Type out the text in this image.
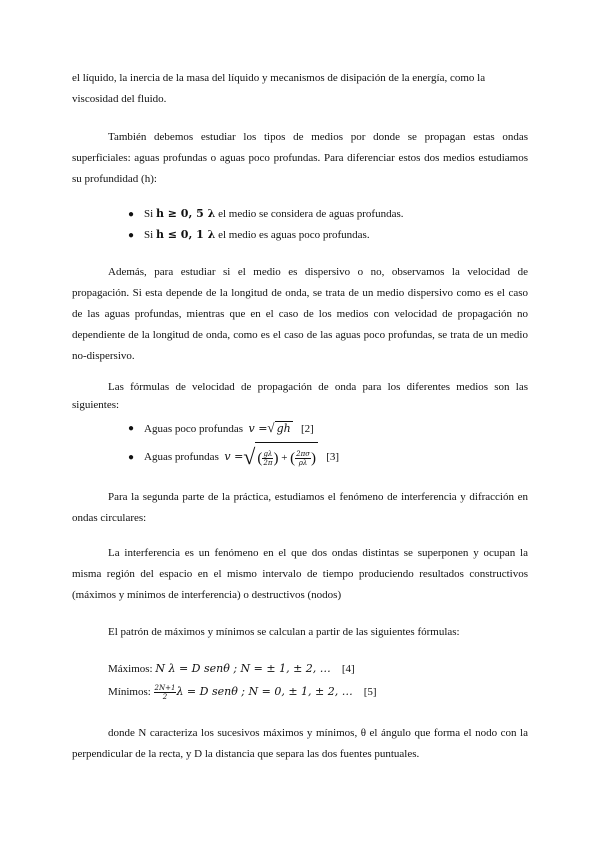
el líquido, la inercia de la masa del líquido y mecanismos de disipación de la energía, como la
viscosidad del fluido.
También debemos estudiar los tipos de medios por donde se propagan estas ondas
superficiales: aguas profundas o aguas poco profundas. Para diferenciar estos dos medios estudiamos
su profundidad (h):
● Si h ≥ 0, 5 λ el medio se considera de aguas profundas.
● Si h ≤ 0, 1 λ el medio es aguas poco profundas.
Además, para estudiar si el medio es dispersivo o no, observamos la velocidad de
propagación. Si esta depende de la longitud de onda, se trata de un medio dispersivo como es el caso
de las aguas profundas, mientras que en el caso de los medios con velocidad de propagación no
dependiente de la longitud de onda, como es el caso de las aguas poco profundas, se trata de un medio
no-dispersivo.
Las fórmulas de velocidad de propagación de onda para los diferentes medios son las
siguientes:
● Aguas poco profundas v =√ gh [2]
● Aguas profundas v =√ ( $\frac{g\lambda}{2\pi}$ ) + ( $\frac{2\pi\sigma}{\rho\lambda}$ ) [3]
Para la segunda parte de la práctica, estudiamos el fenómeno de interferencia y difracción en
ondas circulares:
La interferencia es un fenómeno en el que dos ondas distintas se superponen y ocupan la
misma región del espacio en el mismo intervalo de tiempo produciendo resultados constructivos
(máximos y mínimos de interferencia) o destructivos (nodos)
El patrón de máximos y mínimos se calculan a partir de las siguientes fórmulas:
Máximos: N λ = D senθ ; N = ± 1, ± 2, … [4]
Mínimos: $\frac{2N+1}{2}$ λ = D senθ ; N = 0, ± 1, ± 2, … [5]
donde N caracteriza los sucesivos máximos y mínimos, θ el ángulo que forma el nodo con la
perpendicular de la recta, y D la distancia que separa las dos fuentes puntuales.
